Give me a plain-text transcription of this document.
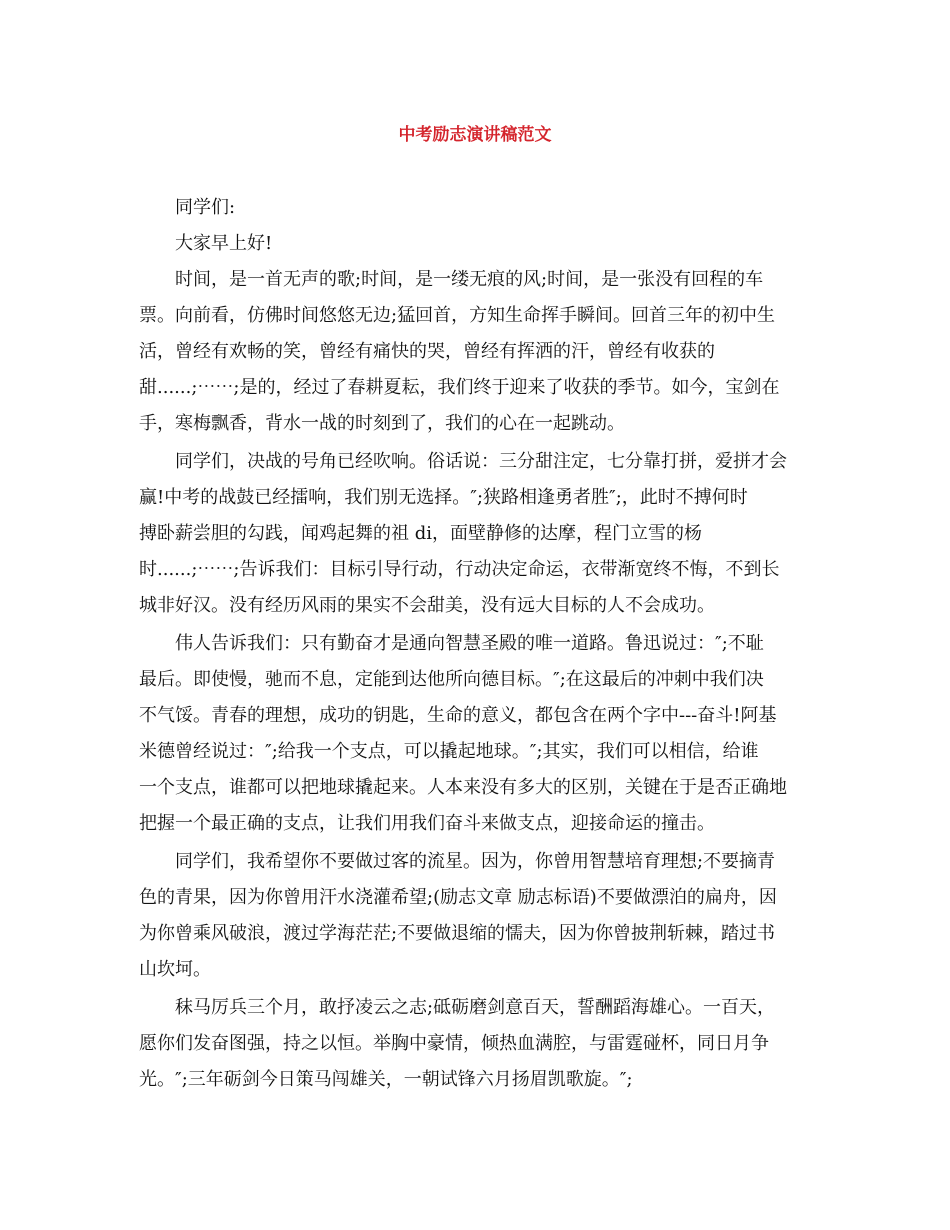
中考励志演讲稿范文

同学们:

大家早上好!

时间，是一首无声的歌;时间，是一缕无痕的风;时间，是一张没有回程的车

票。向前看，仿佛时间悠悠无边;猛回首，方知生命挥手瞬间。回首三年的初中生

活，曾经有欢畅的笑，曾经有痛快的哭，曾经有挥洒的汗，曾经有收获的

甜......;⋯⋯;是的，经过了春耕夏耘，我们终于迎来了收获的季节。如今，宝剑在

手，寒梅飘香，背水一战的时刻到了，我们的心在一起跳动。

同学们，决战的号角已经吹响。俗话说：三分甜注定，七分靠打拼，爱拼才会

赢!中考的战鼓已经擂响，我们别无选择。″;狭路相逢勇者胜″;，此时不搏何时

搏卧薪尝胆的勾践，闻鸡起舞的祖 di，面壁静修的达摩，程门立雪的杨

时......;⋯⋯;告诉我们：目标引导行动，行动决定命运，衣带渐宽终不悔，不到长

城非好汉。没有经历风雨的果实不会甜美，没有远大目标的人不会成功。

伟人告诉我们：只有勤奋才是通向智慧圣殿的唯一道路。鲁迅说过：″;不耻

最后。即使慢，驰而不息，定能到达他所向德目标。″;在这最后的冲刺中我们决

不气馁。青春的理想，成功的钥匙，生命的意义，都包含在两个字中---奋斗!阿基

米德曾经说过：″;给我一个支点，可以撬起地球。″;其实，我们可以相信，给谁

一个支点，谁都可以把地球撬起来。人本来没有多大的区别，关键在于是否正确地

把握一个最正确的支点，让我们用我们奋斗来做支点，迎接命运的撞击。

同学们，我希望你不要做过客的流星。因为，你曾用智慧培育理想;不要摘青

色的青果，因为你曾用汗水浇灌希望;(励志文章 励志标语)不要做漂泊的扁舟，因

为你曾乘风破浪，渡过学海茫茫;不要做退缩的懦夫，因为你曾披荆斩棘，踏过书

山坎坷。

秣马厉兵三个月，敢抒凌云之志;砥砺磨剑意百天，誓酬蹈海雄心。一百天，

愿你们发奋图强，持之以恒。举胸中豪情，倾热血满腔，与雷霆碰杯，同日月争

光。″;三年砺剑今日策马闯雄关，一朝试锋六月扬眉凯歌旋。″;
